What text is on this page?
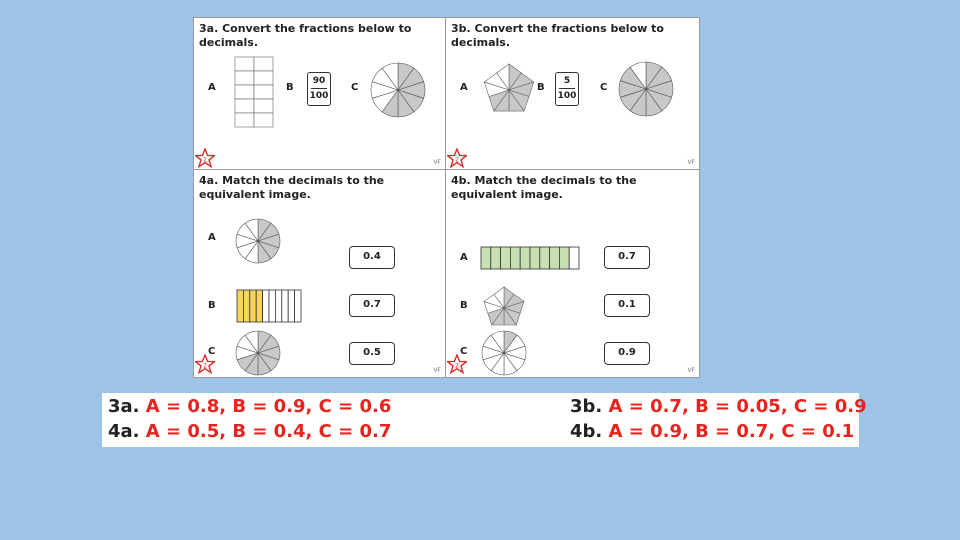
3a. Convert the fractions below to decimals.
A	B $\frac{90}{100}$ C
2	VF
3b. Convert the fractions below to decimals.
A	B $\frac{5}{100}$ C
2	VF
4a. Match the decimals to the equivalent image.
A
B
C
0.4
0.7
0.5
2
VF
4b. Match the decimals to the equivalent image.
A
B
C
0.7
0.1
0.9
2
VF
3a. A = 0.8, B = 0.9, C = 0.6
4a. A = 0.5, B = 0.4, C = 0.7
3b. A = 0.7, B = 0.05, C = 0.9
4b. A = 0.9, B = 0.7, C = 0.1
